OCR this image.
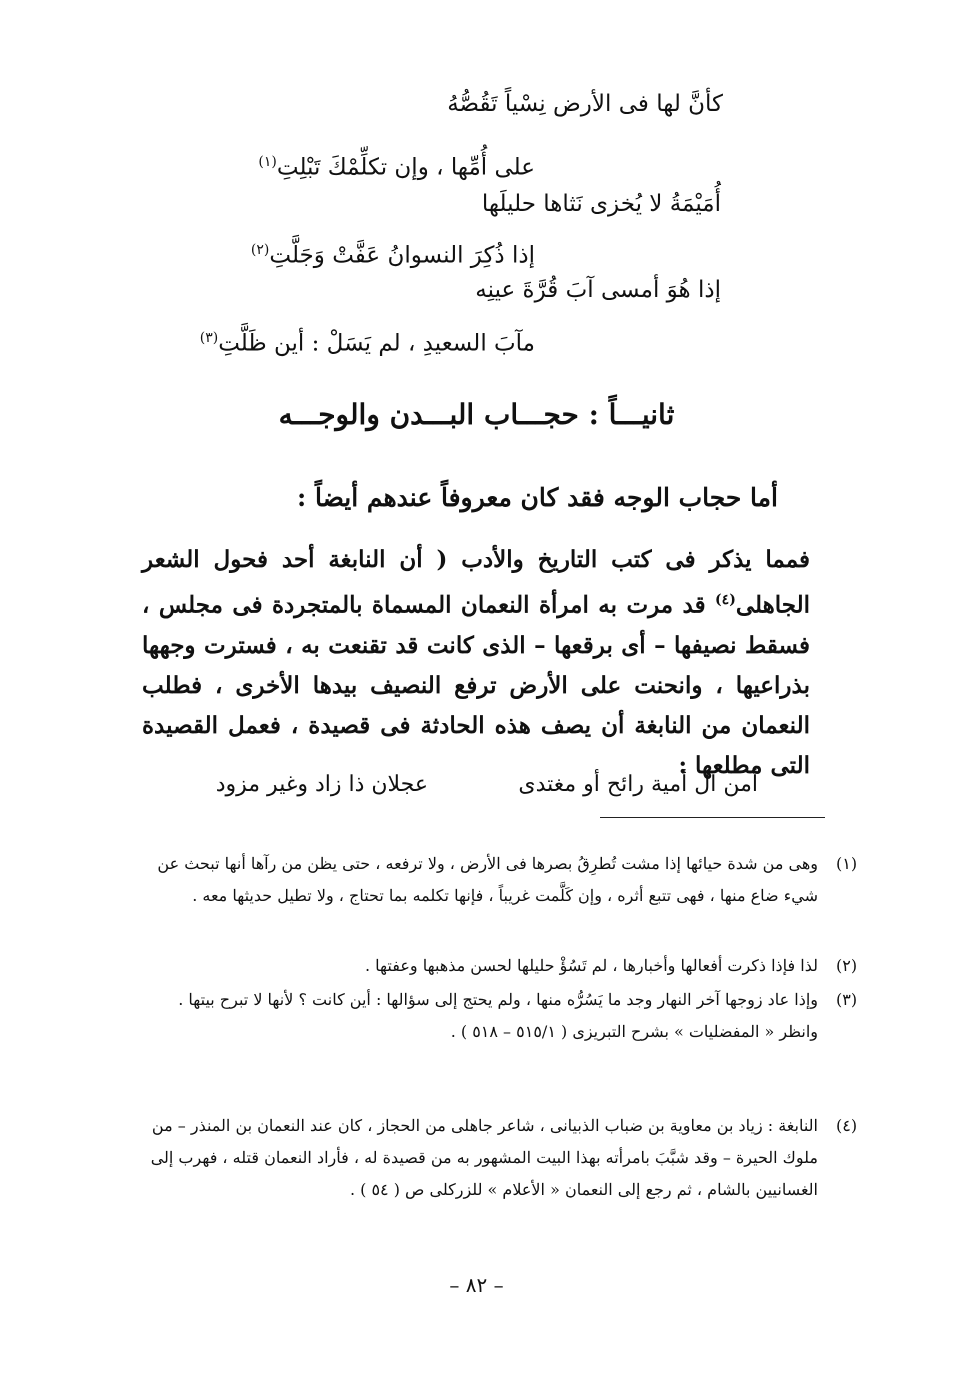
كأنَّ لها فى الأرض نِسْياً تَقُصُّهُ
على أُمِّها ، وإن تكلِّمْكَ تَبْلِتِ$^{(١)}$
أُمَيْمَةُ لا يُخزى نَثاها حليلَها
إذا ذُكِرَ النسوانُ عَفَّتْ وَجَلَّتِ$^{(٢)}$
إذا هُوَ أمسى آبَ قُرَّةَ عينِه
مآبَ السعيدِ ، لم يَسَلْ : أين ظَلَّتِ$^{(٣)}$
ثانيـــاً : حجـــاب البـــدن والوجـــه
أما حجاب الوجه فقد كان معروفاً عندهم أيضاً :
فمما يذكر فى كتب التاريخ والأدب ( أن النابغة أحد فحول الشعر الجاهلى$^{(٤)}$ قد مرت به امرأة النعمان المسماة بالمتجردة فى مجلس ، فسقط نصيفها – أى برقعها – الذى كانت قد تقنعت به ، فسترت وجهها بذراعيها ، وانحنت على الأرض ترفع النصيف بيدها الأخرى ، فطلب النعمان من النابغة أن يصف هذه الحادثة فى قصيدة ، فعمل القصيدة التى مطلعها :
أمن آل أمية رائح أو مغتدى
عجلان ذا زاد وغير مزود
(١)
وهى من شدة حيائها إذا مشت تُطرِقُ بصرها فى الأرض ، ولا ترفعه ، حتى يظن من رآها أنها تبحث عن شيء ضاع منها ، فهى تتبع أثره ، وإن كَلَّمت غريباً ، فإنها تكلمه بما تحتاج ، ولا تطيل حديثها معه .
(٢)
لذا فإذا ذكرت أفعالها وأخبارها ، لم تَسُؤْ حليلها لحسن مذهبها وعفتها .
(٣)
وإذا عاد زوجها آخر النهار وجد ما يَسُرُّه منها ، ولم يحتج إلى سؤالها : أين كانت ؟ لأنها لا تبرح بيتها .
وانظر « المفضليات » بشرح التبريزى ( ٥١٥/١ – ٥١٨ ) .
(٤)
النابغة : زياد بن معاوية بن ضباب الذبيانى ، شاعر جاهلى من الحجاز ، كان عند النعمان بن المنذر – من ملوك الحيرة – وقد شبَّبَ بامرأته بهذا البيت المشهور به من قصيدة له ، فأراد النعمان قتله ، فهرب إلى الغسانيين بالشام ، ثم رجع إلى النعمان « الأعلام » للزركلى ص ( ٥٤ ) .
– ٨٢ –
